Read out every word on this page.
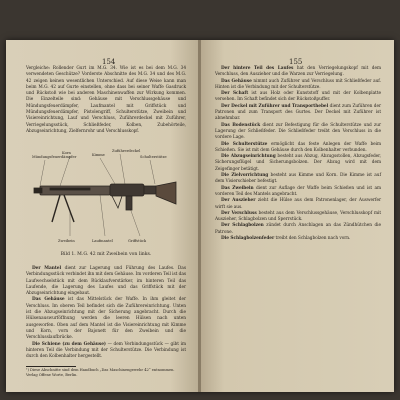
154
Vergleiche: Rollender Gurt im M.G. 34. Wie ist es bei dem M.G. 34 verwendeten Geschütze? Vorderste Abschnitte des M.G. 34 und des M.G. 42 zeigen keinen wesentlichen Unterschied. Auf diese Weise kann man beim M.G. 42 auf Gurte einstellen, ohne dass bei seiner Waffe Gasdruck und Rückstoß wie bei anderen Maschinenwaffen zur Wirkung kommen. Die Einzelteile sind: Gehäuse mit Verschlussgehäuse und Mündungsfeuerdämpfer, Laufmantel mit Griffstück und Mündungsfeuerdämpfer, Pistolengriff, Schulterstütze, Zweibein und Visiereinrichtung, Lauf und Verschluss, Zuführerdeckel mit Zuführer, Verriegelungsstück, Schließfeder, Kolben, Zubehörteile, Abzugseinrichtung, Zielfernrohr und Verschlusskopf.
Mündungsfeuerdämpfer
Korn	Kimme
Zuführerdeckel
Schulterstütze
Zweibein	Laufmantel	Griffstück
Bild 1. M.G. 42 mit Zweibein von links.

Der Mantel dient zur Lagerung und Führung des Laufes. Das Verbindungsstück verbindet ihn mit dem Gehäuse. Im vorderen Teil ist das Laufwechselstück mit dem Rücklaufverstärker, im hinteren Teil das Laufende, die Lagerung des Laufes und das Griffstück mit der Abzugseinrichtung eingebaut.

Das Gehäuse ist das Mittelstück der Waffe. In ihm gleitet der Verschluss. Im oberen Teil befindet sich die Zuführereinrichtung. Unten ist die Abzugseinrichtung mit der Sicherung angebracht. Durch die Hülsenauswurföffnung werden die leeren Hülsen nach unten ausgeworfen. Oben auf dem Mantel ist die Visiereinrichtung mit Kimme und Korn, vorn der Bajonett für den Zweibein und die Verschlusslaufbrücke.

Die Schiene (zu dem Gehäuse) — dem Verbindungsstück — gibt im hinteren Teil die Verbindung mit der Schulterstütze. Die Verbindung ist durch den Kolbenhalter hergestellt.

¹) Diese Abschnitte sind dem Handbuch „Das Maschinengewehr 42“ entnommen. Verlag Offene Worte, Berlin.
155

Der hintere Teil des Laufes hat den Verriegelungskopf mit dem Verschluss, den Auszieher und die Warzen zur Verriegelung.

Das Gehäuse nimmt auch Zuführer und Verschluss mit Schließfeder auf. Hinten ist die Verbindung mit der Schulterstütze.

Der Schaft ist aus Holz oder Kunststoff und mit der Kolbenplatte versehen. Im Schaft befindet sich der Rückstoßpuffer.

Der Deckel mit Zuführer und Transporthebel dient zum Zuführen der Patronen und zum Transport des Gurtes. Der Deckel mit Zuführer ist abnehmbar.

Das Bodenstück dient zur Befestigung für die Schulterstütze und zur Lagerung der Schließfeder. Die Schließfeder treibt den Verschluss in die vordere Lage.

Die Schulterstütze ermöglicht das feste Anlegen der Waffe beim Schießen. Sie ist mit dem Gehäuse durch den Kolbenhalter verbunden.

Die Abzugseinrichtung besteht aus Abzug, Abzugsstollen, Abzugsfeder, Sicherungsflügel und Sicherungsbolzen. Der Abzug wird mit dem Zeigefinger betätigt.

Die Zielvorrichtung besteht aus Kimme und Korn. Die Kimme ist auf dem Visierschieber befestigt.

Das Zweibein dient zur Auflage der Waffe beim Schießen und ist am vorderen Teil des Mantels angebracht.

Der Auszieher zieht die Hülse aus dem Patronenlager, der Auswerfer wirft sie aus.

Der Verschluss besteht aus dem Verschlussgehäuse, Verschlusskopf mit Auszieher, Schlagbolzen und Sperrstück.

Der Schlagbolzen zündet durch Anschlagen an das Zündhütchen die Patrone.

Die Schlagbolzenfeder treibt den Schlagbolzen nach vorn.
